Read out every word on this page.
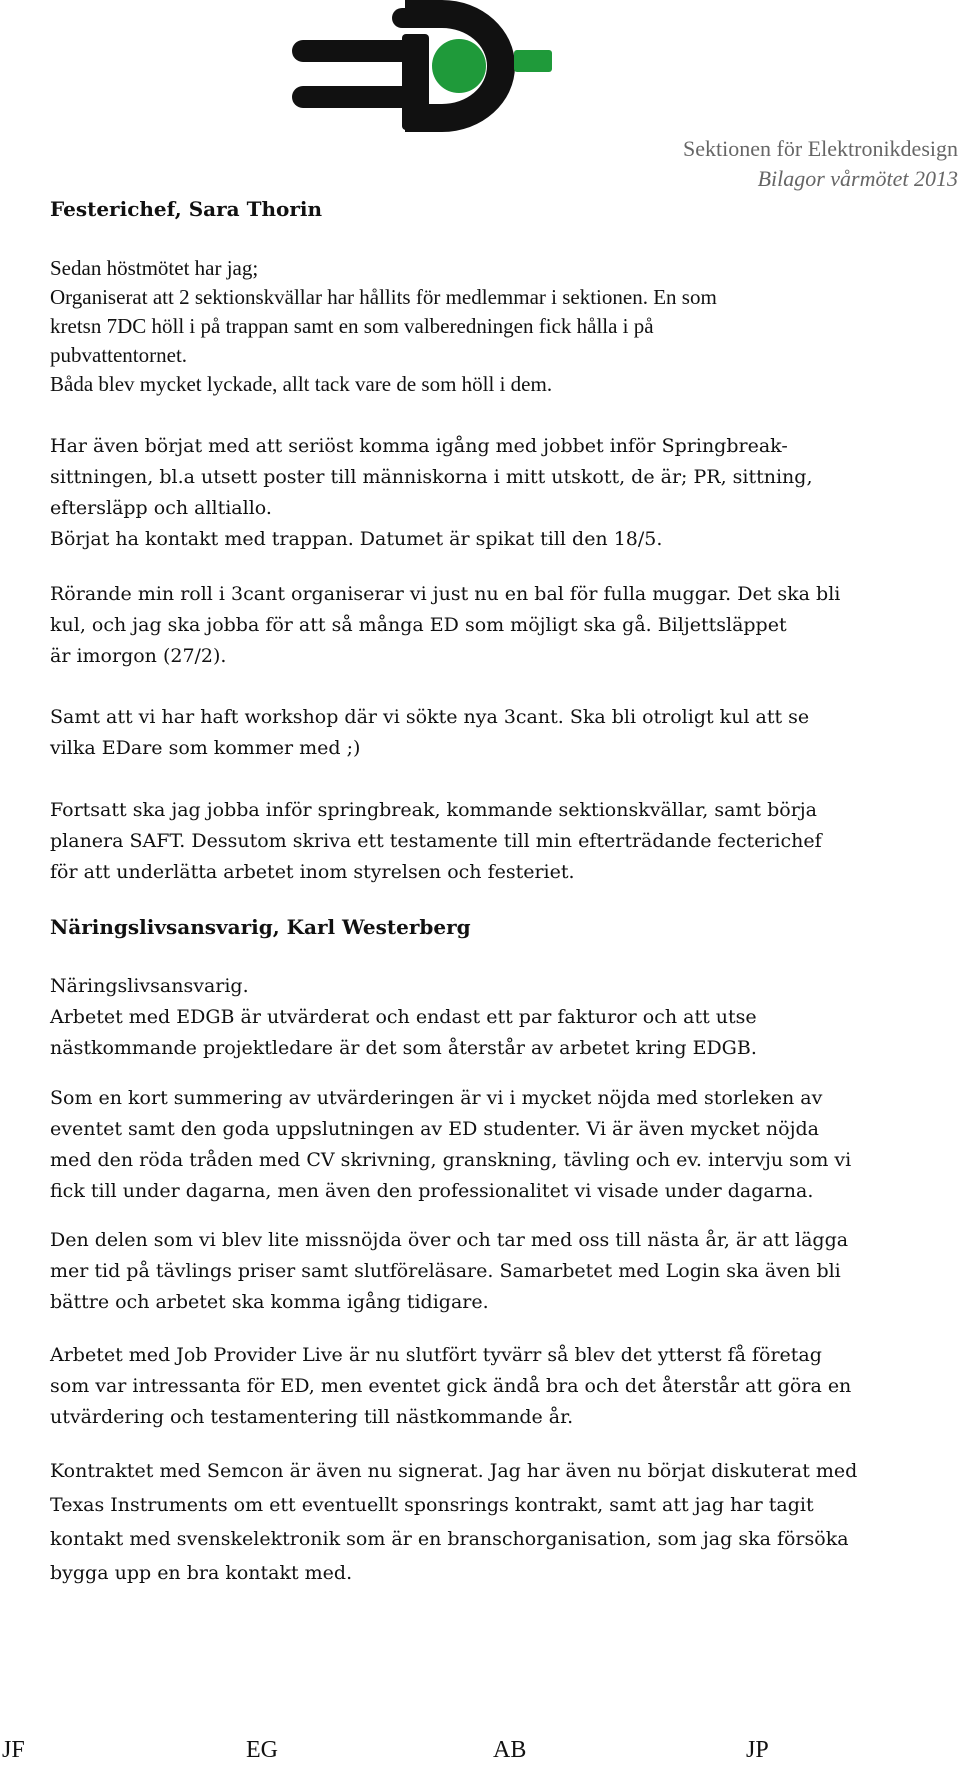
Sektionen för Elektronikdesign
Bilagor vårmötet 2013
Festerichef, Sara Thorin
Sedan höstmötet har jag;
Organiserat att 2 sektionskvällar har hållits för medlemmar i sektionen. En som
kretsn 7DC höll i på trappan samt en som valberedningen fick hålla i på
pubvattentornet.
Båda blev mycket lyckade, allt tack vare de som höll i dem.
Har även börjat med att seriöst komma igång med jobbet inför Springbreak-
sittningen, bl.a utsett poster till människorna i mitt utskott, de är; PR, sittning,
eftersläpp och alltiallo.
Börjat ha kontakt med trappan. Datumet är spikat till den 18/5.
Rörande min roll i 3cant organiserar vi just nu en bal för fulla muggar. Det ska bli
kul, och jag ska jobba för att så många ED som möjligt ska gå. Biljettsläppet
är imorgon (27/2).
Samt att vi har haft workshop där vi sökte nya 3cant. Ska bli otroligt kul att se
vilka EDare som kommer med ;)
Fortsatt ska jag jobba inför springbreak, kommande sektionskvällar, samt börja
planera SAFT. Dessutom skriva ett testamente till min efterträdande fecterichef
för att underlätta arbetet inom styrelsen och festeriet.
Näringslivsansvarig, Karl Westerberg
Näringslivsansvarig.
Arbetet med EDGB är utvärderat och endast ett par fakturor och att utse
nästkommande projektledare är det som återstår av arbetet kring EDGB.
Som en kort summering av utvärderingen är vi i mycket nöjda med storleken av
eventet samt den goda uppslutningen av ED studenter. Vi är även mycket nöjda
med den röda tråden med CV skrivning, granskning, tävling och ev. intervju som vi
fick till under dagarna, men även den professionalitet vi visade under dagarna.
Den delen som vi blev lite missnöjda över och tar med oss till nästa år, är att lägga
mer tid på tävlings priser samt slutföreläsare. Samarbetet med Login ska även bli
bättre och arbetet ska komma igång tidigare.
Arbetet med Job Provider Live är nu slutfört tyvärr så blev det ytterst få företag
som var intressanta för ED, men eventet gick ändå bra och det återstår att göra en
utvärdering och testamentering till nästkommande år.
Kontraktet med Semcon är även nu signerat. Jag har även nu börjat diskuterat med
Texas Instruments om ett eventuellt sponsrings kontrakt, samt att jag har tagit
kontakt med svenskelektronik som är en branschorganisation, som jag ska försöka
bygga upp en bra kontakt med.
JF	EG	AB	JP
